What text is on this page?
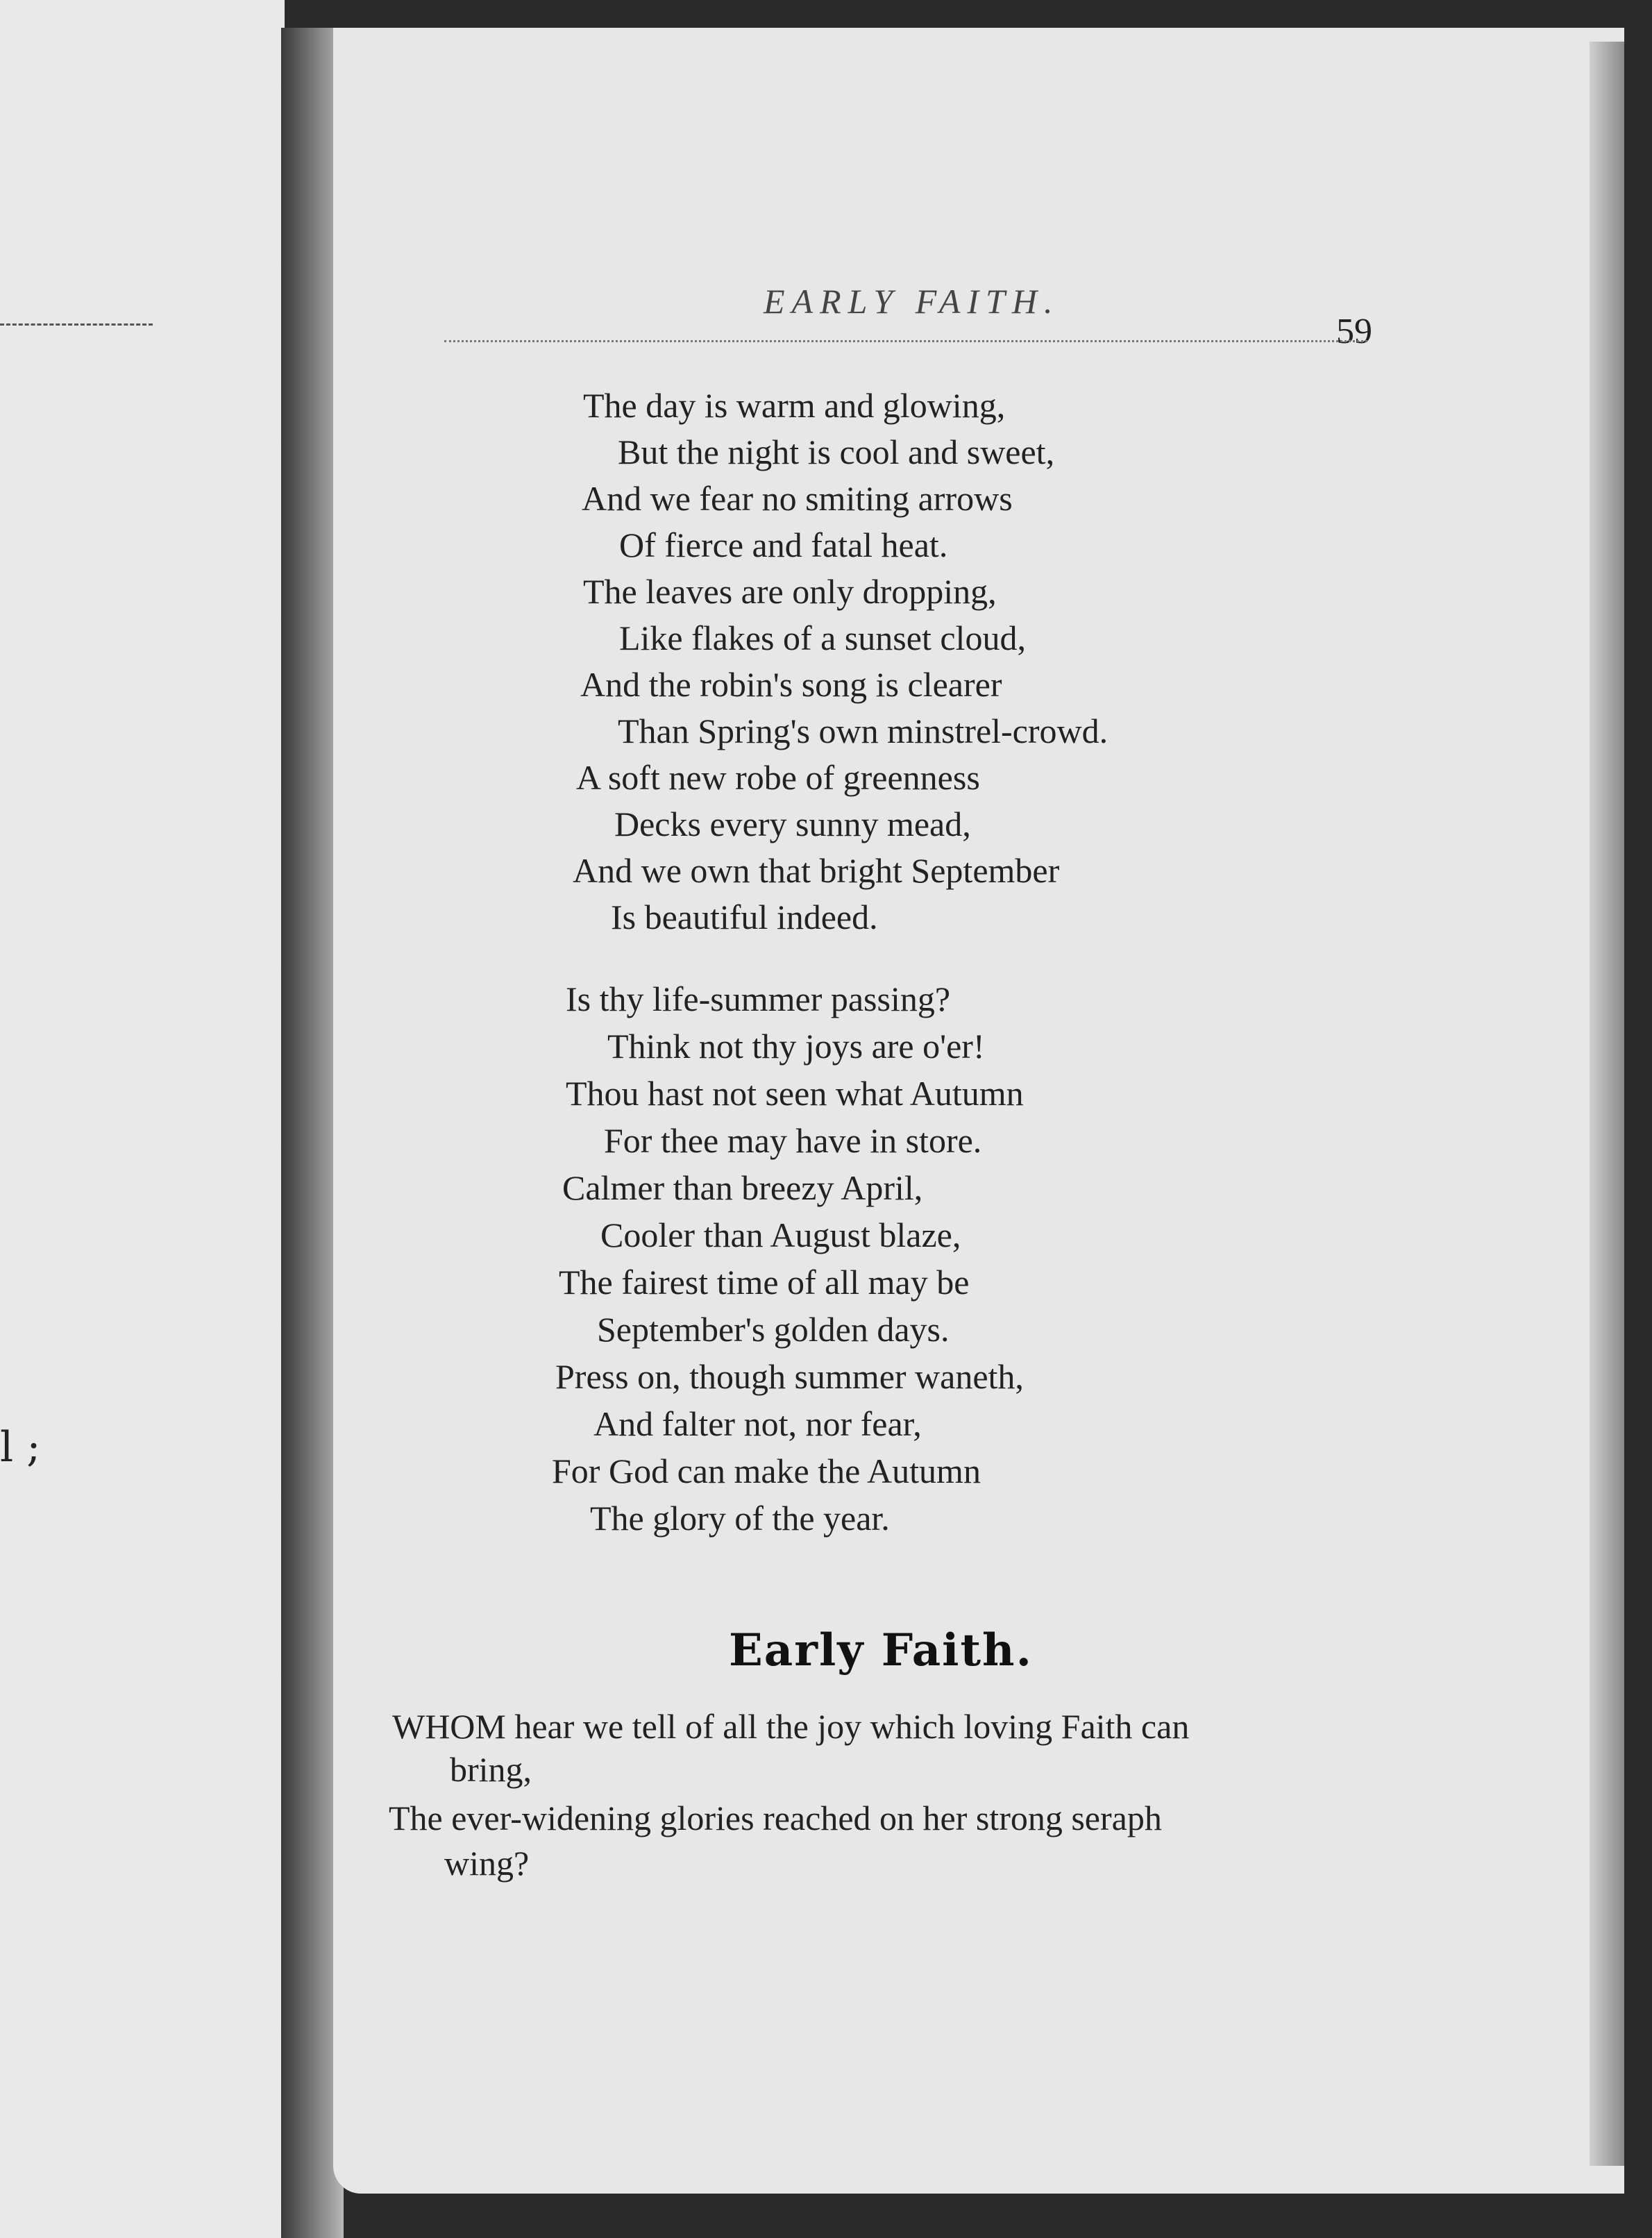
l ;
EARLY FAITH.
59
The day is warm and glowing,
But the night is cool and sweet,
And we fear no smiting arrows
Of fierce and fatal heat.
The leaves are only dropping,
Like flakes of a sunset cloud,
And the robin's song is clearer
Than Spring's own minstrel-crowd.
A soft new robe of greenness
Decks every sunny mead,
And we own that bright September
Is beautiful indeed.
Is thy life-summer passing?
Think not thy joys are o'er!
Thou hast not seen what Autumn
For thee may have in store.
Calmer than breezy April,
Cooler than August blaze,
The fairest time of all may be
September's golden days.
Press on, though summer waneth,
And falter not, nor fear,
For God can make the Autumn
The glory of the year.
Early Faith.
WHOM hear we tell of all the joy which loving Faith can
bring,
The ever-widening glories reached on her strong seraph
wing?
